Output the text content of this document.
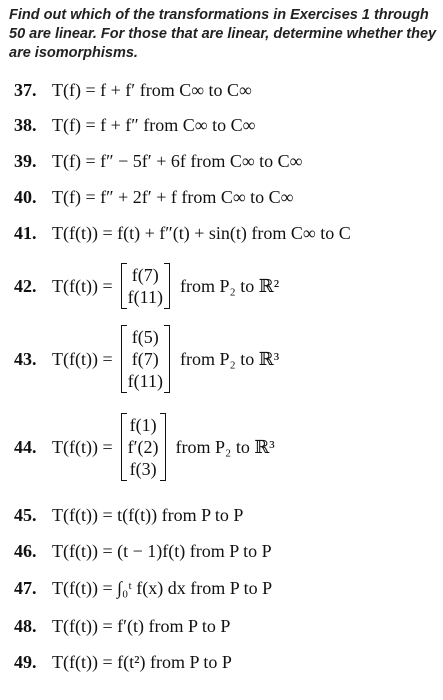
Find out which of the transformations in Exercises 1 through 50 are linear. For those that are linear, determine whether they are isomorphisms.
37. T(f) = f + f′ from C∞ to C∞
38. T(f) = f + f″ from C∞ to C∞
39. T(f) = f″ − 5f′ + 6f from C∞ to C∞
40. T(f) = f″ + 2f′ + f from C∞ to C∞
41. T(f(t)) = f(t) + f″(t) + sin(t) from C∞ to C
42. T(f(t)) =
f(7)
f(11)
from P₂ to ℝ²
43. T(f(t)) =
f(5)
f(7)
f(11)
from P₂ to ℝ³
44. T(f(t)) =
f(1)
f′(2)
f(3)
from P₂ to ℝ³
45. T(f(t)) = t(f(t)) from P to P
46. T(f(t)) = (t − 1)f(t) from P to P
47. T(f(t)) = ∫₀ᵗ f(x) dx from P to P
48. T(f(t)) = f′(t) from P to P
49. T(f(t)) = f(t²) from P to P
